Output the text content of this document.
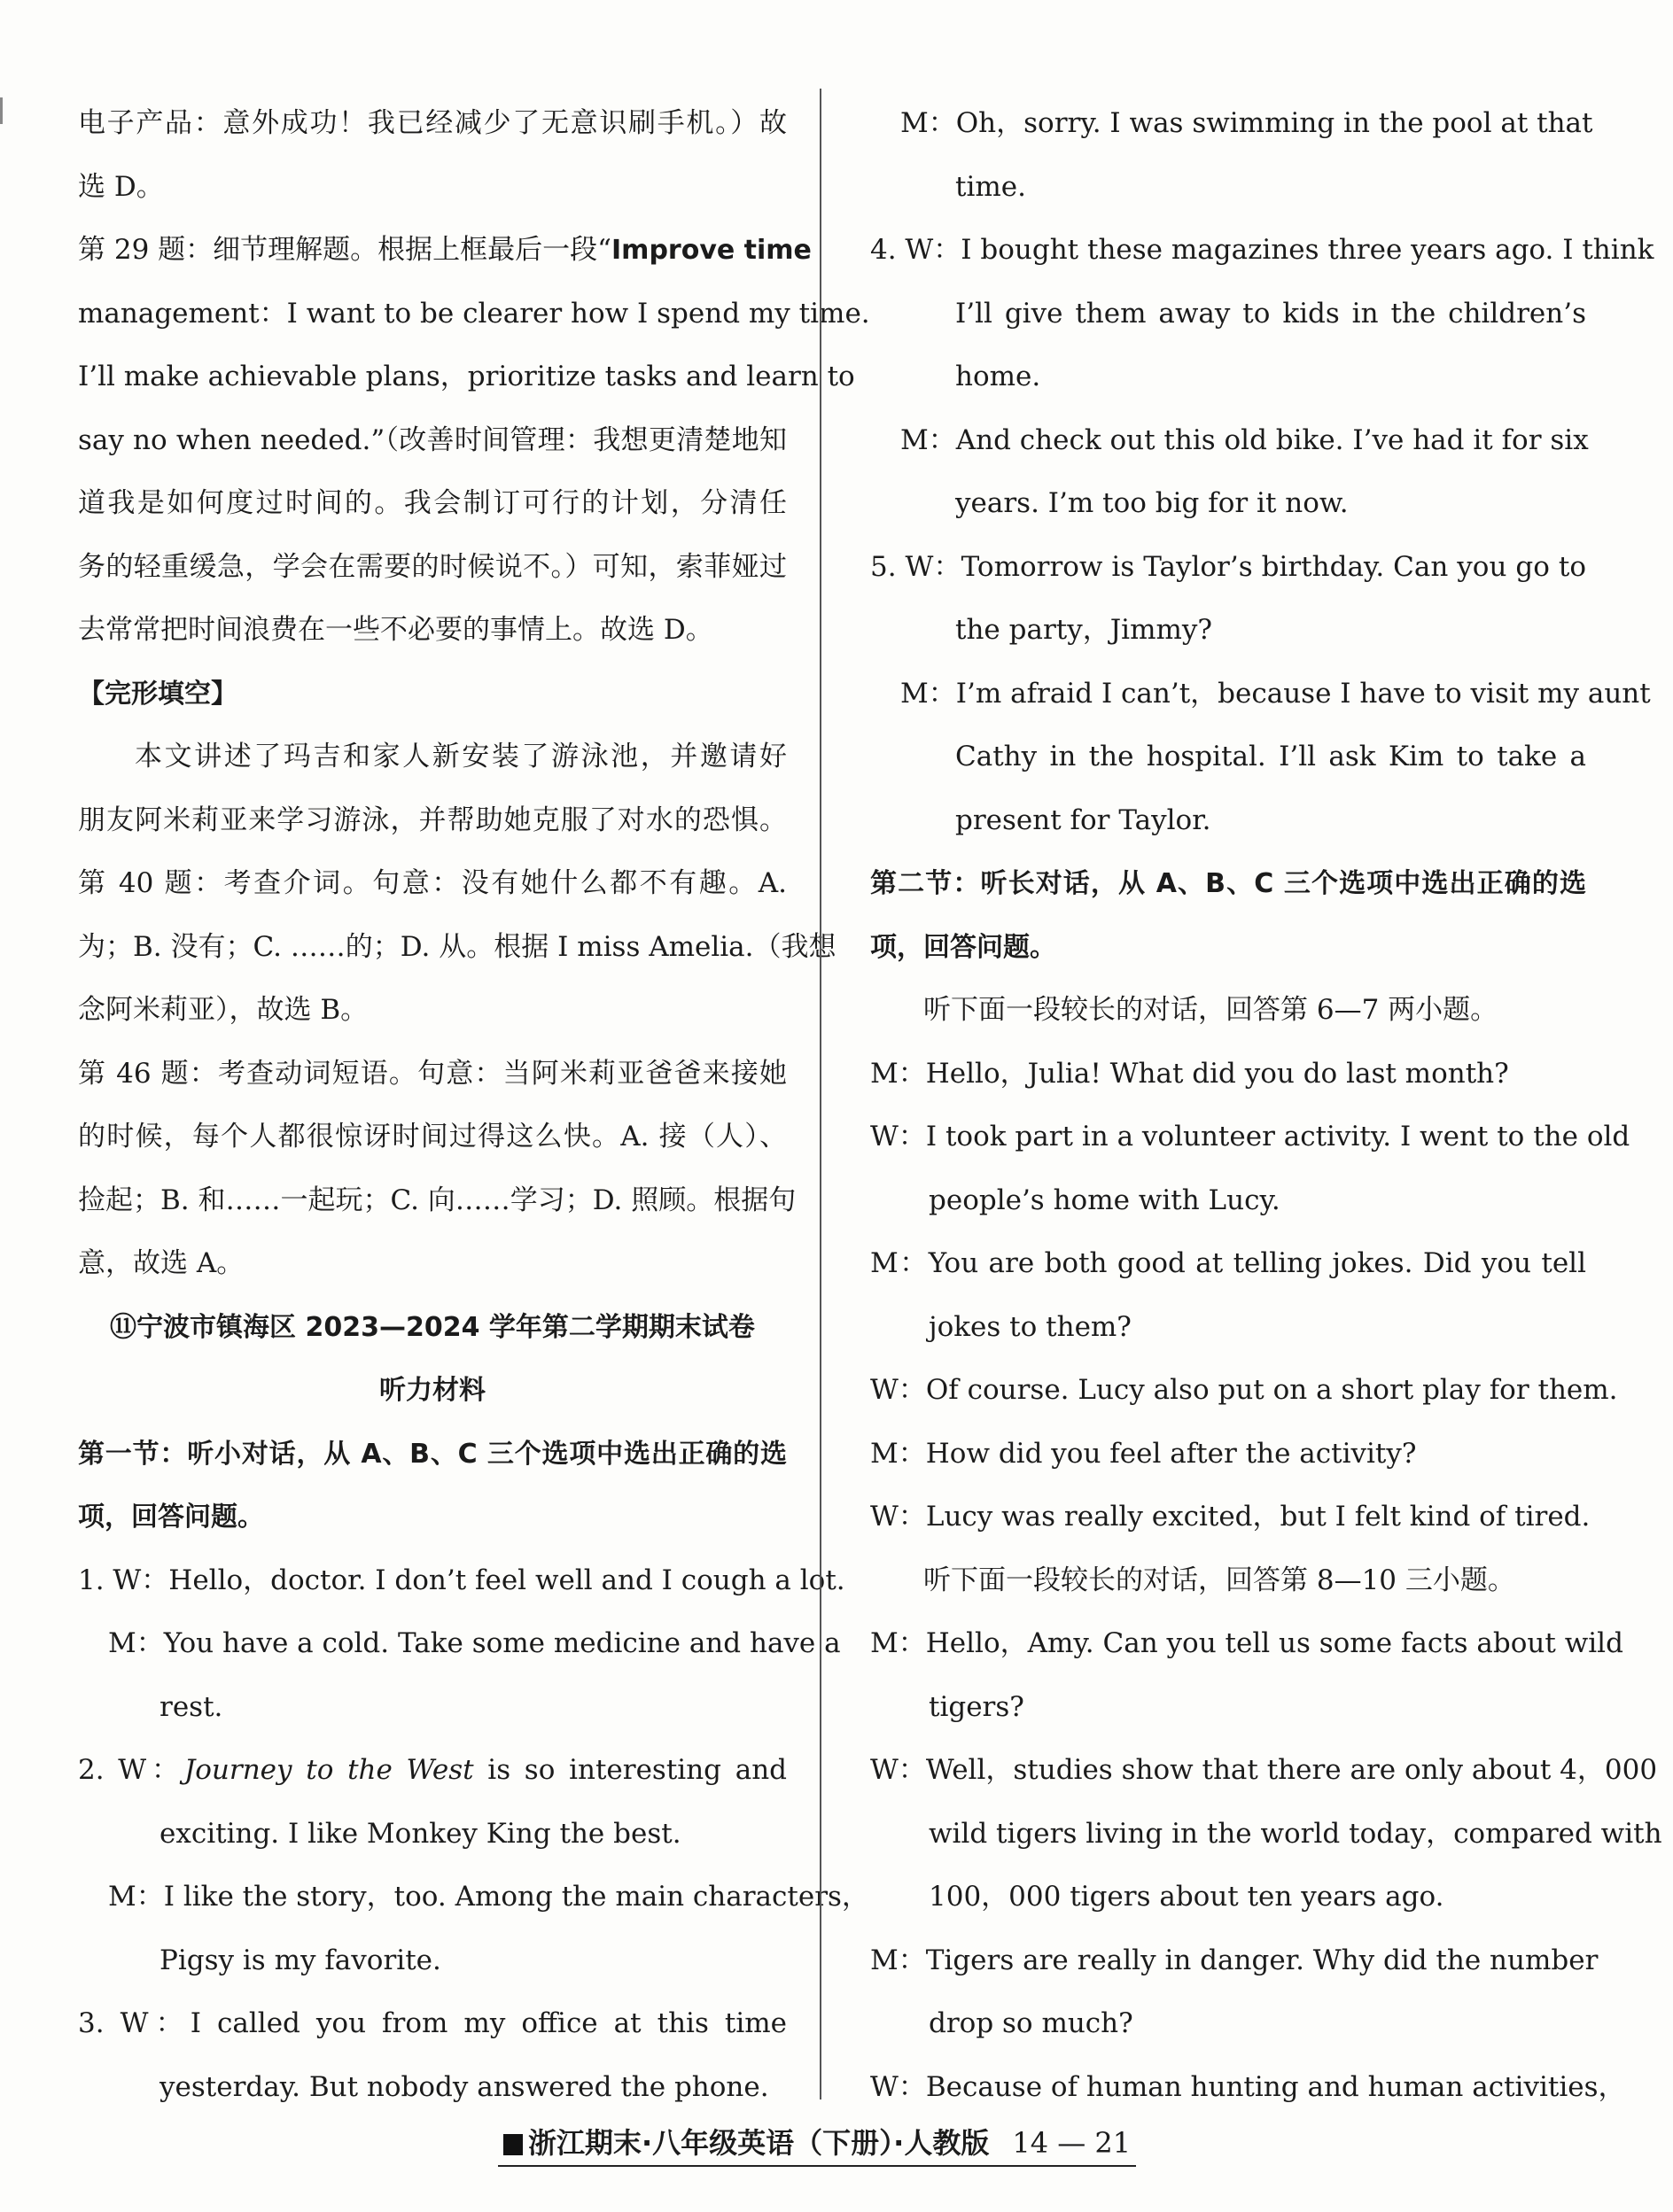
电子产品：意外成功！我已经减少了无意识刷手机。）故
选 D。
第 29 题：细节理解题。根据上框最后一段“Improve time
management：I want to be clearer how I spend my time.
I’ll make achievable plans，prioritize tasks and learn to
say no when needed.”（改善时间管理：我想更清楚地知
道我是如何度过时间的。我会制订可行的计划，分清任
务的轻重缓急，学会在需要的时候说不。）可知，索菲娅过
去常常把时间浪费在一些不必要的事情上。故选 D。
【完形填空】
本文讲述了玛吉和家人新安装了游泳池，并邀请好
朋友阿米莉亚来学习游泳，并帮助她克服了对水的恐惧。
第 40 题：考查介词。句意：没有她什么都不有趣。A.
为；B. 没有；C. ……的；D. 从。根据 I miss Amelia.（我想
念阿米莉亚），故选 B。
第 46 题：考查动词短语。句意：当阿米莉亚爸爸来接她
的时候，每个人都很惊讶时间过得这么快。A. 接（人）、
捡起；B. 和……一起玩；C. 向……学习；D. 照顾。根据句
意，故选 A。
⑪宁波市镇海区 2023—2024 学年第二学期期末试卷
听力材料
第一节：听小对话，从 A、B、C 三个选项中选出正确的选
项，回答问题。
1. W：Hello，doctor. I don’t feel well and I cough a lot.
M：You have a cold. Take some medicine and have a
rest.
2. W：Journey to the West is so interesting and
exciting. I like Monkey King the best.
M：I like the story，too. Among the main characters，
Pigsy is my favorite.
3. W：I called you from my office at this time
yesterday. But nobody answered the phone.
M：Oh，sorry. I was swimming in the pool at that
time.
4. W：I bought these magazines three years ago. I think
I’ll give them away to kids in the children’s
home.
M：And check out this old bike. I’ve had it for six
years. I’m too big for it now.
5. W：Tomorrow is Taylor’s birthday. Can you go to
the party，Jimmy?
M：I’m afraid I can’t，because I have to visit my aunt
Cathy in the hospital. I’ll ask Kim to take a
present for Taylor.
第二节：听长对话，从 A、B、C 三个选项中选出正确的选
项，回答问题。
听下面一段较长的对话，回答第 6—7 两小题。
M：Hello，Julia! What did you do last month?
W：I took part in a volunteer activity. I went to the old
people’s home with Lucy.
M：You are both good at telling jokes. Did you tell
jokes to them?
W：Of course. Lucy also put on a short play for them.
M：How did you feel after the activity?
W：Lucy was really excited，but I felt kind of tired.
听下面一段较长的对话，回答第 8—10 三小题。
M：Hello，Amy. Can you tell us some facts about wild
tigers?
W：Well，studies show that there are only about 4，000
wild tigers living in the world today，compared with
100，000 tigers about ten years ago.
M：Tigers are really in danger. Why did the number
drop so much?
W：Because of human hunting and human activities，
浙江期末·八年级英语（下册）·人教版 14 — 21
